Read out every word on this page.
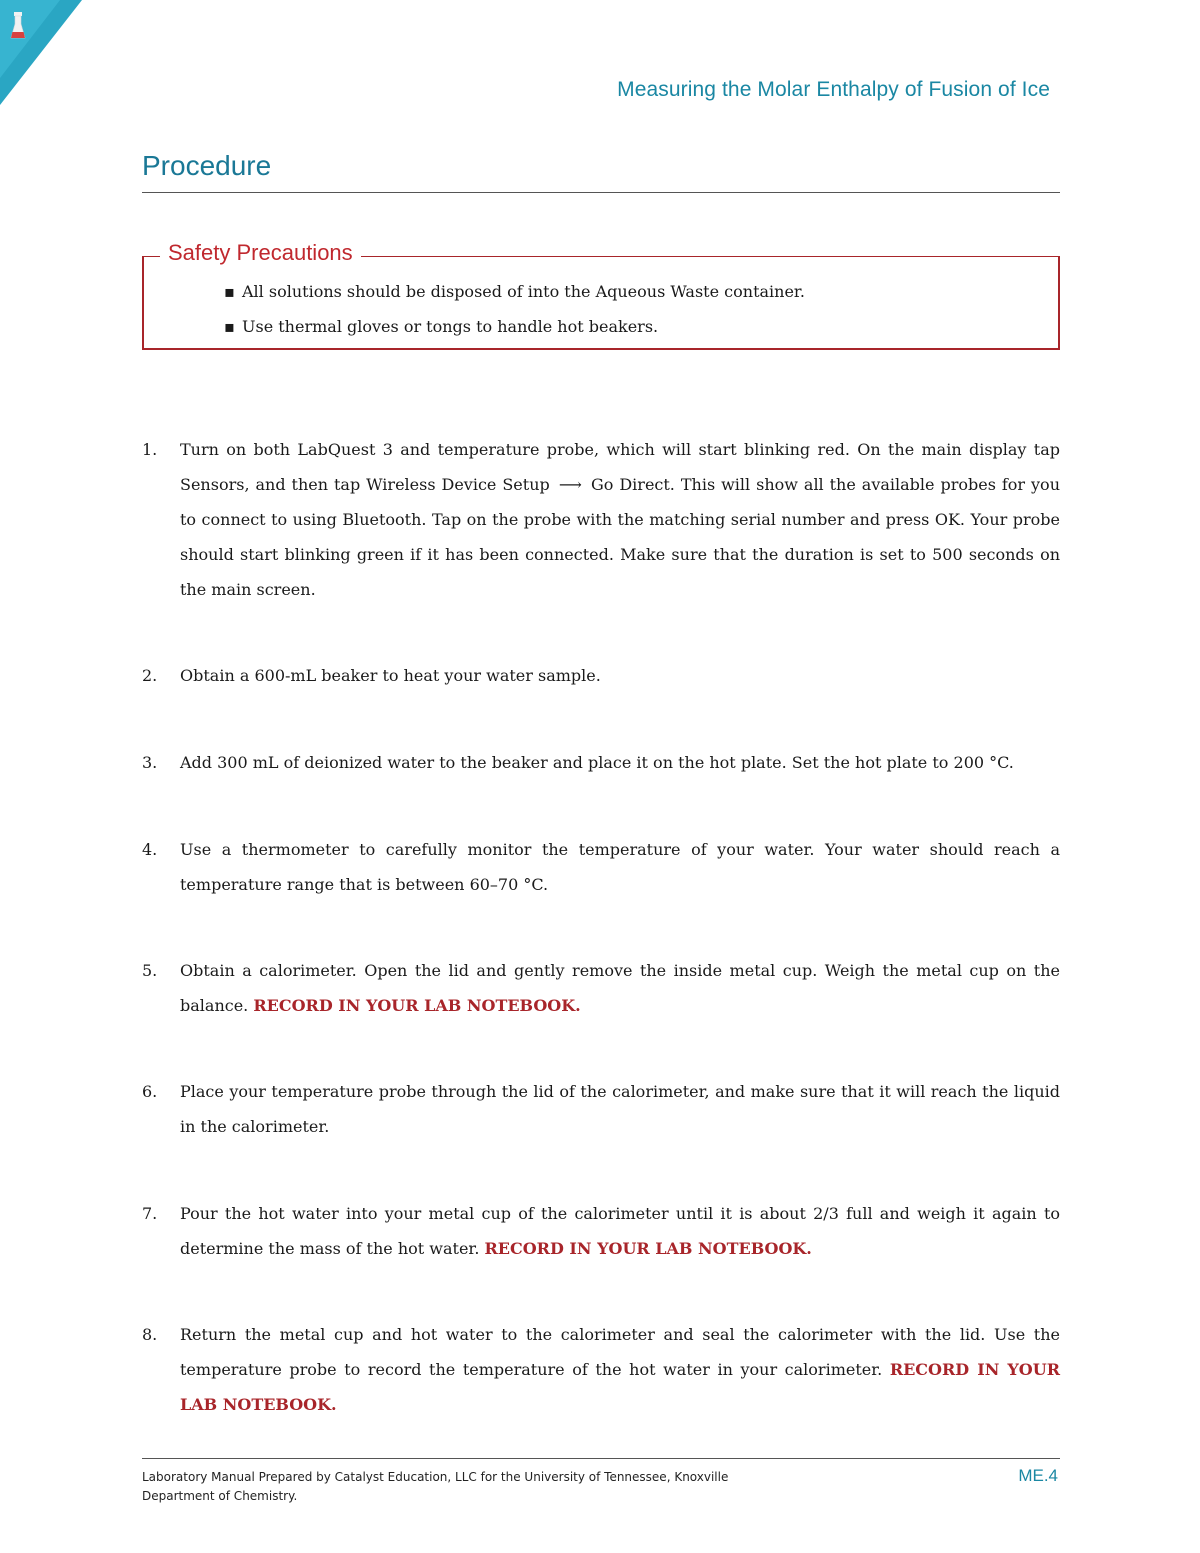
Measuring the Molar Enthalpy of Fusion of Ice
Procedure
Safety Precautions
▪ All solutions should be disposed of into the Aqueous Waste container.
▪ Use thermal gloves or tongs to handle hot beakers.
1. Turn on both LabQuest 3 and temperature probe, which will start blinking red. On the main display tap Sensors, and then tap Wireless Device Setup  ⟶  Go Direct. This will show all the available probes for you to connect to using Bluetooth. Tap on the probe with the matching serial number and press OK. Your probe should start blinking green if it has been connected. Make sure that the duration is set to 500 seconds on the main screen.
2. Obtain a 600-mL beaker to heat your water sample.
3. Add 300 mL of deionized water to the beaker and place it on the hot plate. Set the hot plate to 200 °C.
4. Use a thermometer to carefully monitor the temperature of your water. Your water should reach a temperature range that is between 60–70 °C.
5. Obtain a calorimeter. Open the lid and gently remove the inside metal cup. Weigh the metal cup on the balance. RECORD IN YOUR LAB NOTEBOOK.
6. Place your temperature probe through the lid of the calorimeter, and make sure that it will reach the liquid in the calorimeter.
7. Pour the hot water into your metal cup of the calorimeter until it is about 2/3 full and weigh it again to determine the mass of the hot water. RECORD IN YOUR LAB NOTEBOOK.
8. Return the metal cup and hot water to the calorimeter and seal the calorimeter with the lid. Use the temperature probe to record the temperature of the hot water in your calorimeter. RECORD IN YOUR LAB NOTEBOOK.
Laboratory Manual Prepared by Catalyst Education, LLC for the University of Tennessee, Knoxville
Department of Chemistry.
ME.4
